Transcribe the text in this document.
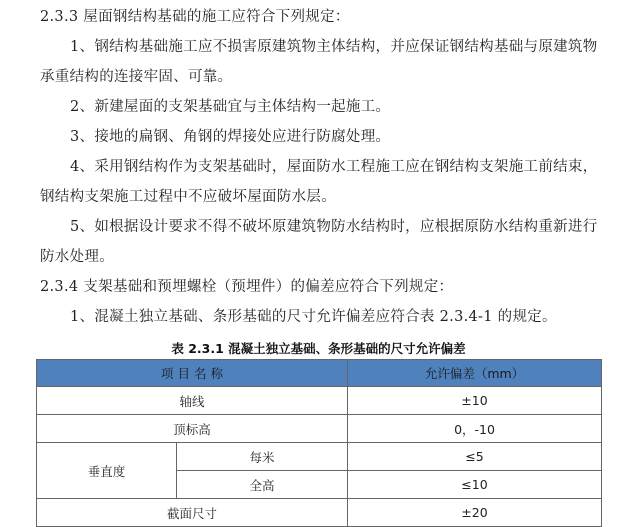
2.3.3 屋面钢结构基础的施工应符合下列规定：
1、钢结构基础施工应不损害原建筑物主体结构，并应保证钢结构基础与原建筑物承重结构的连接牢固、可靠。
2、新建屋面的支架基础宜与主体结构一起施工。
3、接地的扁钢、角钢的焊接处应进行防腐处理。
4、采用钢结构作为支架基础时，屋面防水工程施工应在钢结构支架施工前结束，钢结构支架施工过程中不应破坏屋面防水层。
5、如根据设计要求不得不破坏原建筑物防水结构时，应根据原防水结构重新进行防水处理。
2.3.4 支架基础和预埋螺栓（预埋件）的偏差应符合下列规定：
1、混凝土独立基础、条形基础的尺寸允许偏差应符合表 2.3.4-1 的规定。
表 2.3.1 混凝土独立基础、条形基础的尺寸允许偏差
项 目 名 称		允许偏差（mm）
轴线		±10
顶标高		0，-10
垂直度	每米	≤5
	全高	≤10
截面尺寸		±20
